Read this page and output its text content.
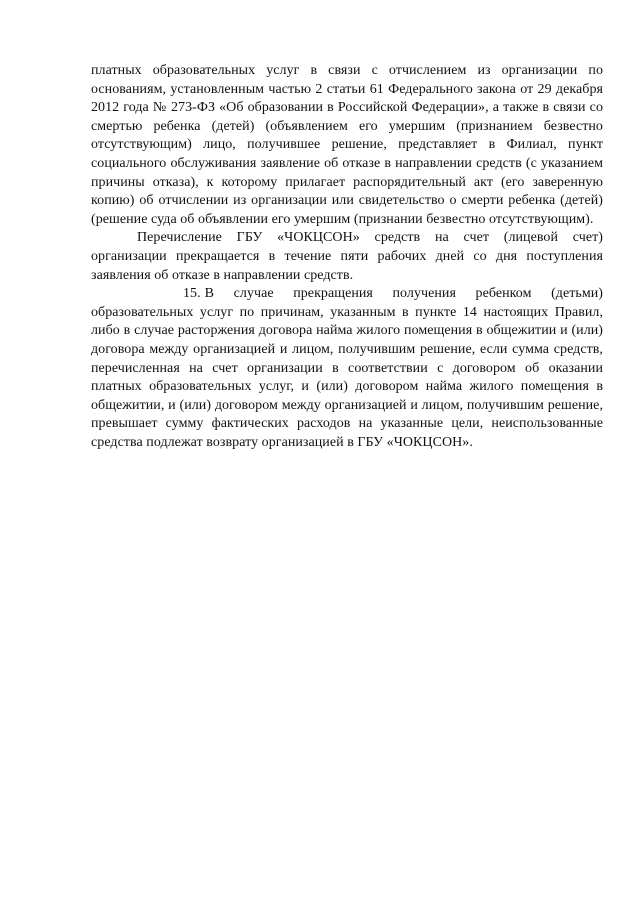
платных образовательных услуг в связи с отчислением из организации по основаниям, установленным частью 2 статьи 61 Федерального закона от 29 декабря 2012 года № 273-ФЗ «Об образовании в Российской Федерации», а также в связи со смертью ребенка (детей) (объявлением его умершим (признанием безвестно отсутствующим) лицо, получившее решение, представляет в Филиал, пункт социального обслуживания заявление об отказе в направлении средств (с указанием причины отказа), к которому прилагает распорядительный акт (его заверенную копию) об отчислении из организации или свидетельство о смерти ребенка (детей) (решение суда об объявлении его умершим (признании безвестно отсутствующим).

Перечисление ГБУ «ЧОКЦСОН» средств на счет (лицевой счет) организации прекращается в течение пяти рабочих дней со дня поступления заявления об отказе в направлении средств.

15. В случае прекращения получения ребенком (детьми) образовательных услуг по причинам, указанным в пункте 14 настоящих Правил, либо в случае расторжения договора найма жилого помещения в общежитии и (или) договора между организацией и лицом, получившим решение, если сумма средств, перечисленная на счет организации в соответствии с договором об оказании платных образовательных услуг, и (или) договором найма жилого помещения в общежитии, и (или) договором между организацией и лицом, получившим решение, превышает сумму фактических расходов на указанные цели, неиспользованные средства подлежат возврату организацией в ГБУ «ЧОКЦСОН».
